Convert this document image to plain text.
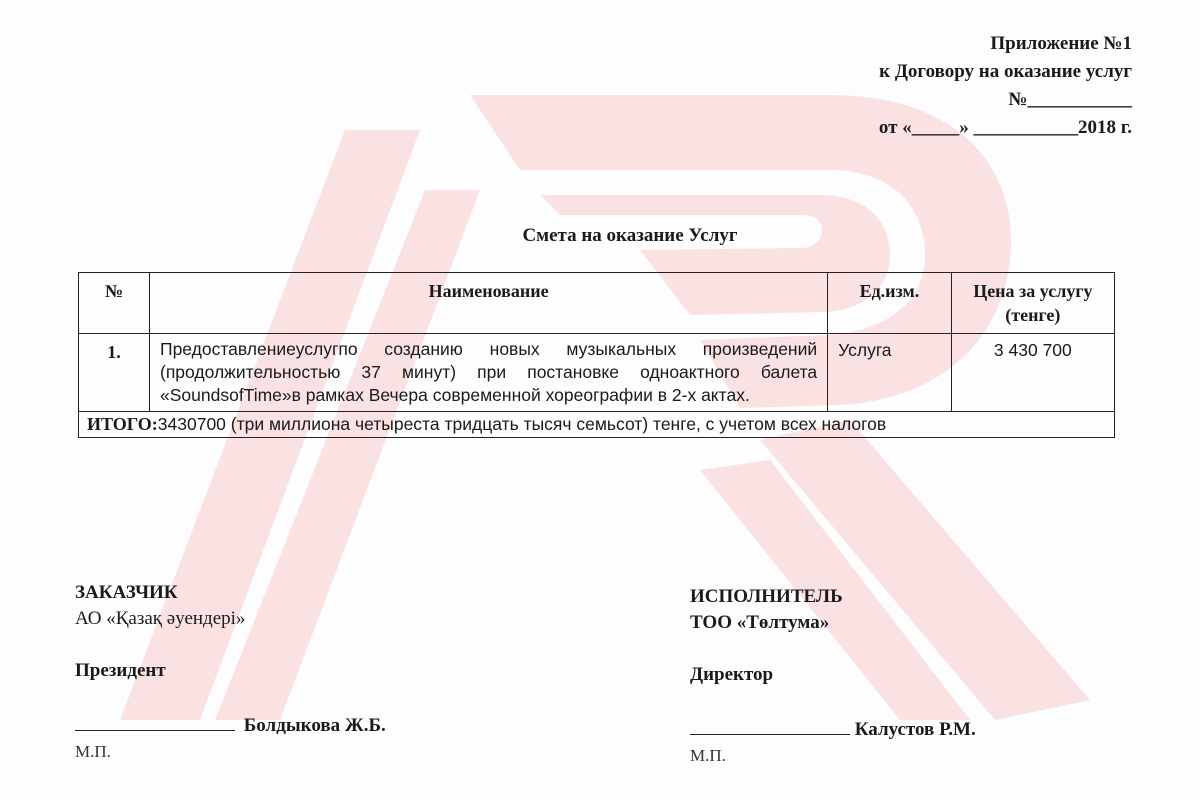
Приложение №1
к Договору на оказание услуг
№___________
от «_____» ___________2018 г.
Смета на оказание Услуг
№	Наименование	Ед.изм.	Цена за услугу (тенге)
1.	Предоставлениеуслугпо созданию новых музыкальных произведений (продолжительностью 37 минут) при постановке одноактного балета «SoundsofTime»в рамках Вечера современной хореографии в 2-х актах.	Услуга	3 430 700
ИТОГО:3430700 (три миллиона четыреста тридцать тысяч семьсот) тенге, с учетом всех налогов			
ЗАКАЗЧИК
АО «Қазақ әуендері»
Президент
Болдыкова Ж.Б.
М.П.
ИСПОЛНИТЕЛЬ
ТОО «Төлтума»
Директор
Калустов Р.М.
М.П.
